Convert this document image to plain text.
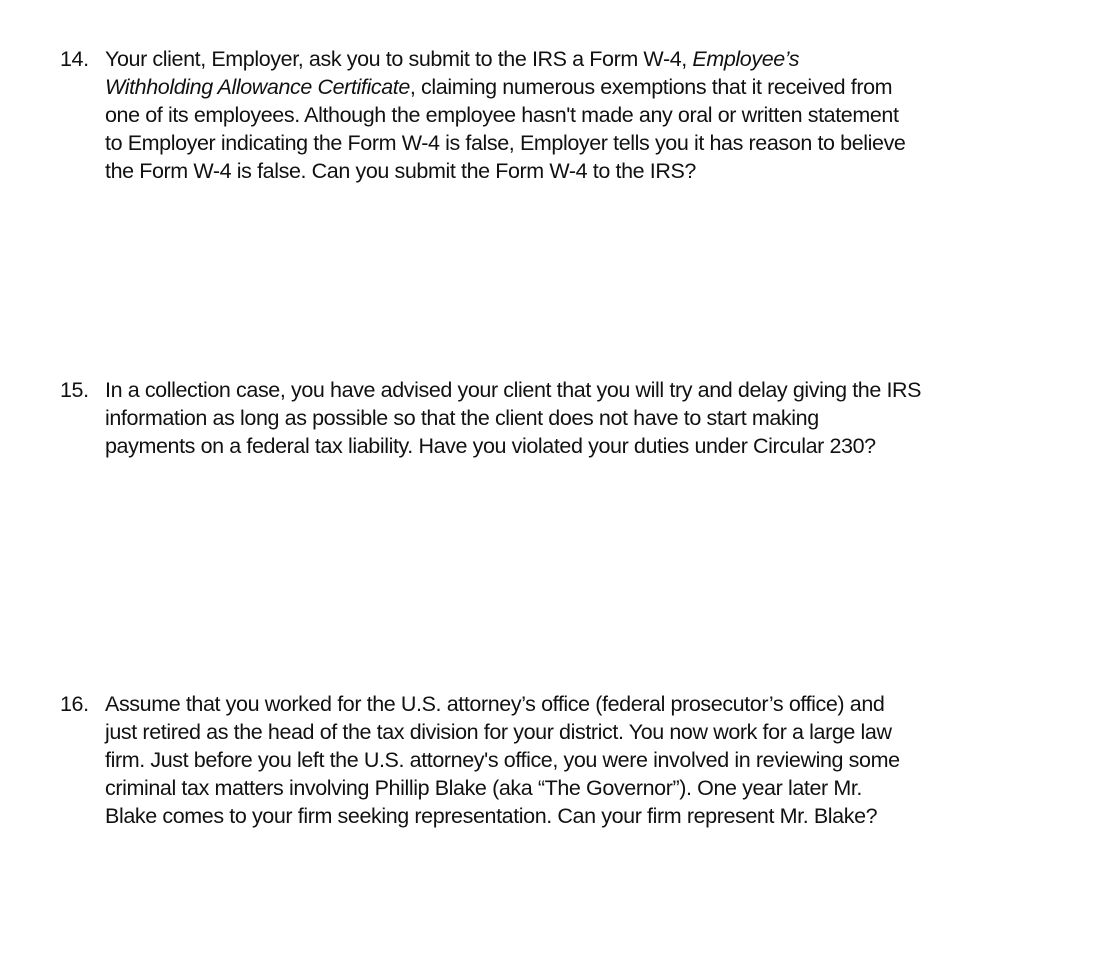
14. Your client, Employer, ask you to submit to the IRS a Form W-4, Employee’s
Withholding Allowance Certificate, claiming numerous exemptions that it received from
one of its employees. Although the employee hasn't made any oral or written statement
to Employer indicating the Form W-4 is false, Employer tells you it has reason to believe
the Form W-4 is false. Can you submit the Form W-4 to the IRS?
15. In a collection case, you have advised your client that you will try and delay giving the IRS
information as long as possible so that the client does not have to start making
payments on a federal tax liability. Have you violated your duties under Circular 230?
16. Assume that you worked for the U.S. attorney’s office (federal prosecutor’s office) and
just retired as the head of the tax division for your district. You now work for a large law
firm. Just before you left the U.S. attorney's office, you were involved in reviewing some
criminal tax matters involving Phillip Blake (aka “The Governor”). One year later Mr.
Blake comes to your firm seeking representation. Can your firm represent Mr. Blake?
